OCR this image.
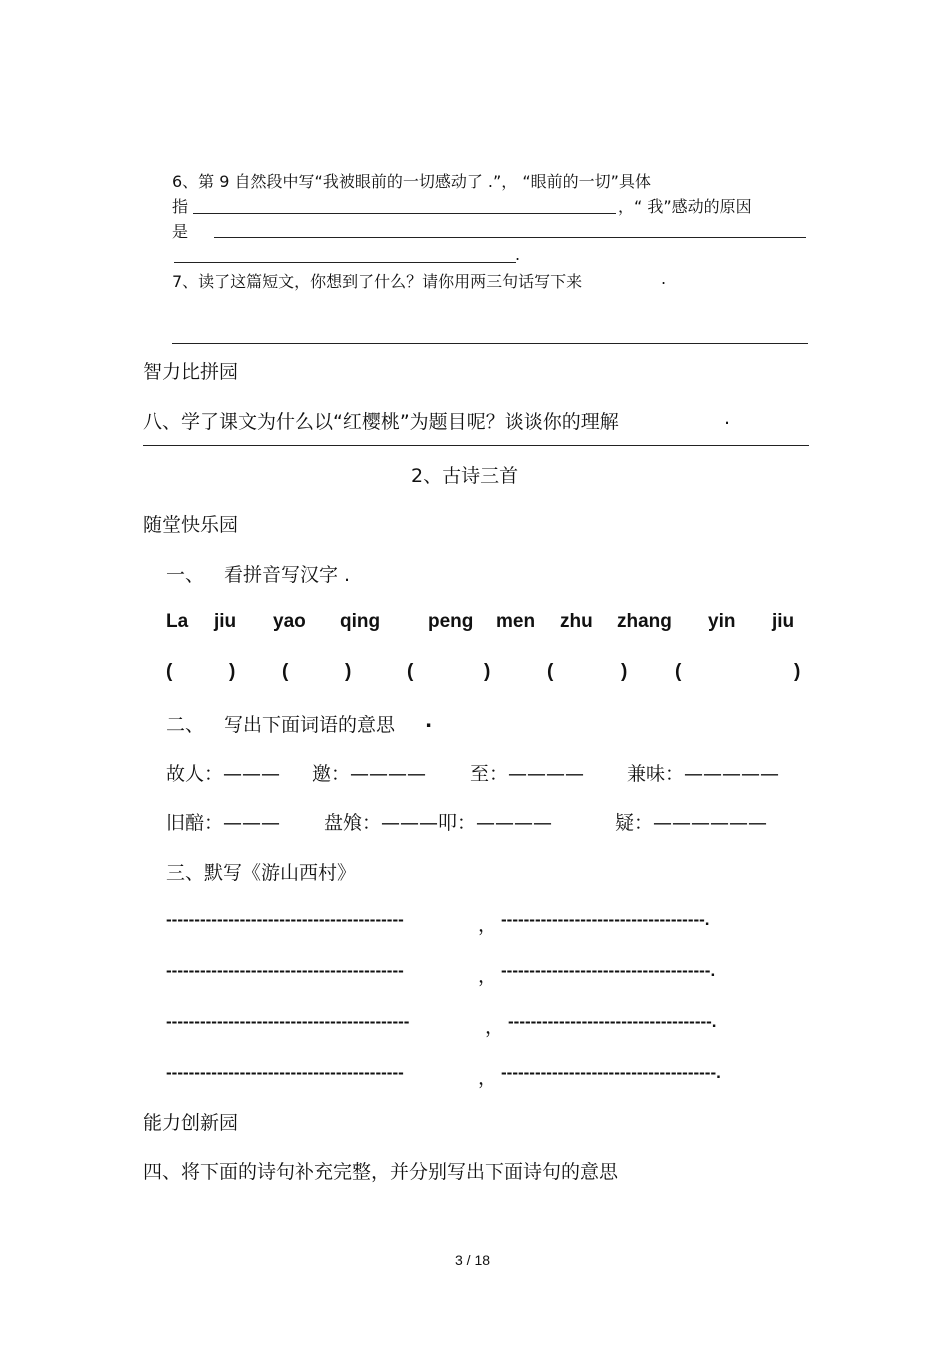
6、第 9 自然段中写“我被眼前的一切感动了 .”， “眼前的一切”具体
指	，“ 我”感动的原因
是
.
7、读了这篇短文，你想到了什么？请你用两三句话写下来	.
智力比拼园
八、学了课文为什么以“红樱桃”为题目呢？谈谈你的理解	.
2、古诗三首
随堂快乐园
一、 看拼音写汉字 .
La jiu yao qing	peng men zhu zhang yin jiu
(	) (	)	(	)	(	)	(	)
二、 写出下面词语的意思 .
故人：——— 邀：———— 至：———— 兼味：—————
旧醅：——— 盘飧：———叩：————	疑：——————
三、默写《游山西村》
------------------------------------------	， ------------------------------------.
------------------------------------------	， -------------------------------------.
-------------------------------------------	， ------------------------------------.
------------------------------------------	， --------------------------------------.
能力创新园
四、将下面的诗句补充完整，并分别写出下面诗句的意思
3 / 18
